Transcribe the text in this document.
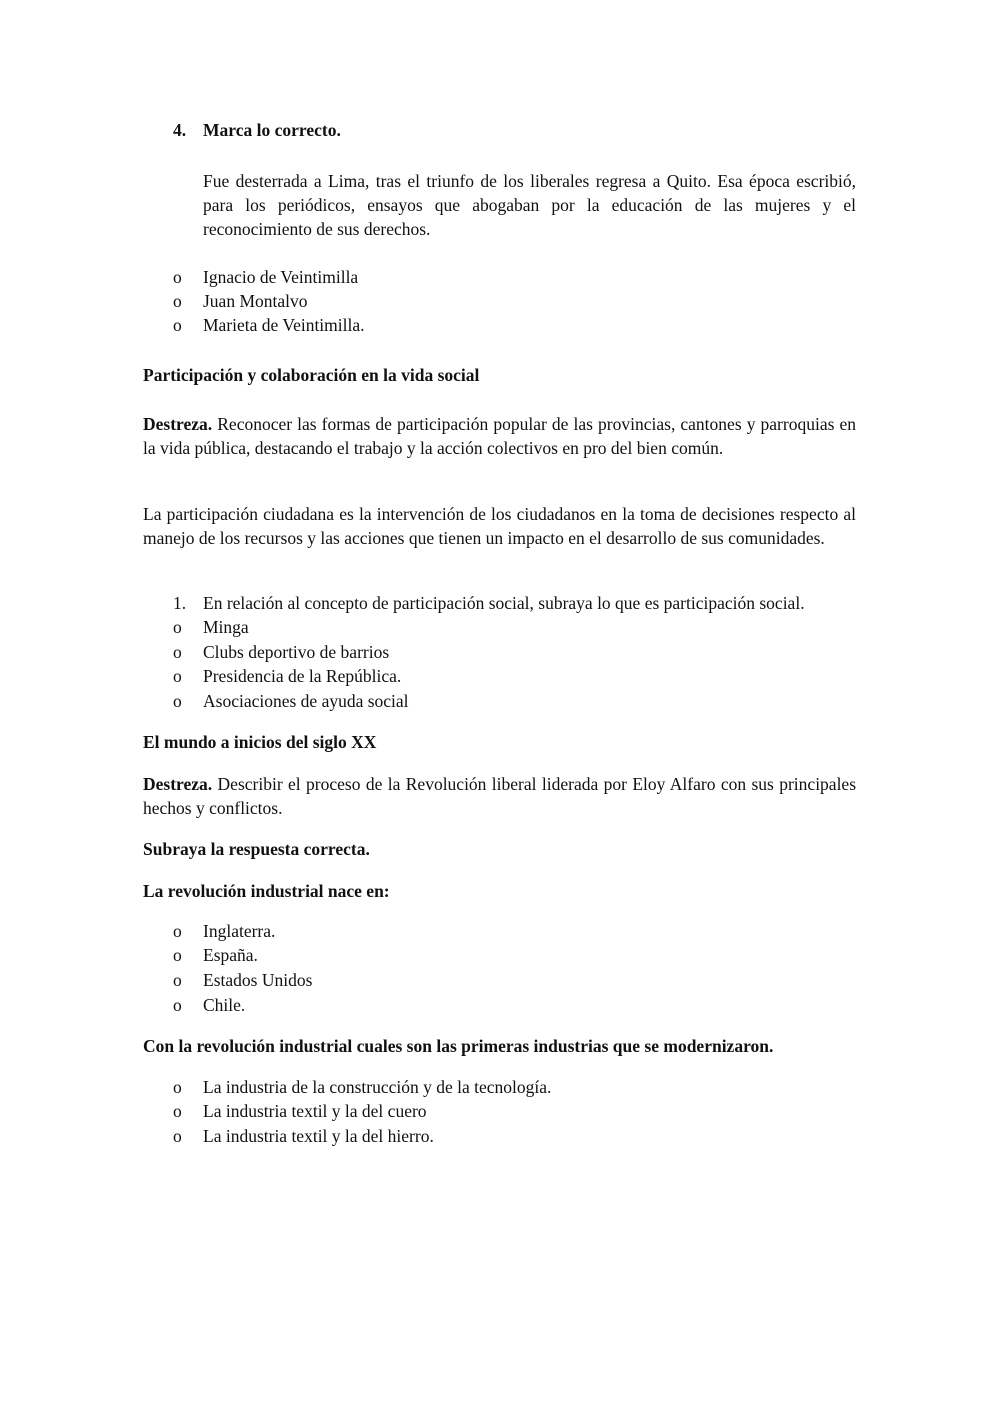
4. Marca lo correcto.

Fue desterrada a Lima, tras el triunfo de los liberales regresa a Quito. Esa época escribió, para los periódicos, ensayos que abogaban por la educación de las mujeres y el reconocimiento de sus derechos.

o	Ignacio de Veintimilla
o	Juan Montalvo
o	Marieta de Veintimilla.
Participación y colaboración en la vida social

Destreza. Reconocer las formas de participación popular de las provincias, cantones y parroquias en la vida pública, destacando el trabajo y la acción colectivos en pro del bien común.

La participación ciudadana es la intervención de los ciudadanos en la toma de decisiones respecto al manejo de los recursos y las acciones que tienen un impacto en el desarrollo de sus comunidades.

1. En relación al concepto de participación social, subraya lo que es participación social.
o	Minga
o	Clubs deportivo de barrios
o	Presidencia de la República.
o	Asociaciones de ayuda social
El mundo a inicios del siglo XX

Destreza. Describir el proceso de la Revolución liberal liderada por Eloy Alfaro con sus principales hechos y conflictos.

Subraya la respuesta correcta.
La revolución industrial nace en:
o	Inglaterra.
o	España.
o	Estados Unidos
o	Chile.
Con la revolución industrial cuales son las primeras industrias que se modernizaron.
o	La industria de la construcción y de la tecnología.
o	La industria textil y la del cuero
o	La industria textil y la del hierro.
